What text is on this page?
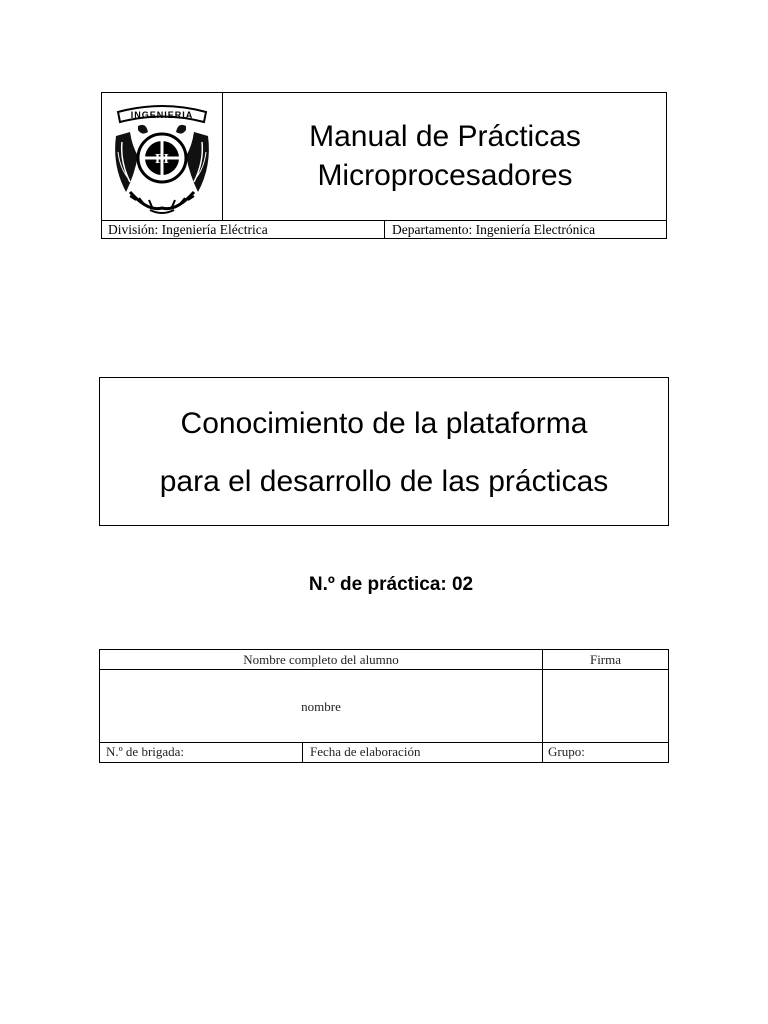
INGENIERIA
FI
Manual de Prácticas
Microprocesadores
División: Ingeniería Eléctrica	Departamento: Ingeniería Electrónica
Conocimiento de la plataforma
para el desarrollo de las prácticas
N.º de práctica: 02
Nombre completo del alumno	Firma
nombre
N.º de brigada:	Fecha de elaboración	Grupo:
